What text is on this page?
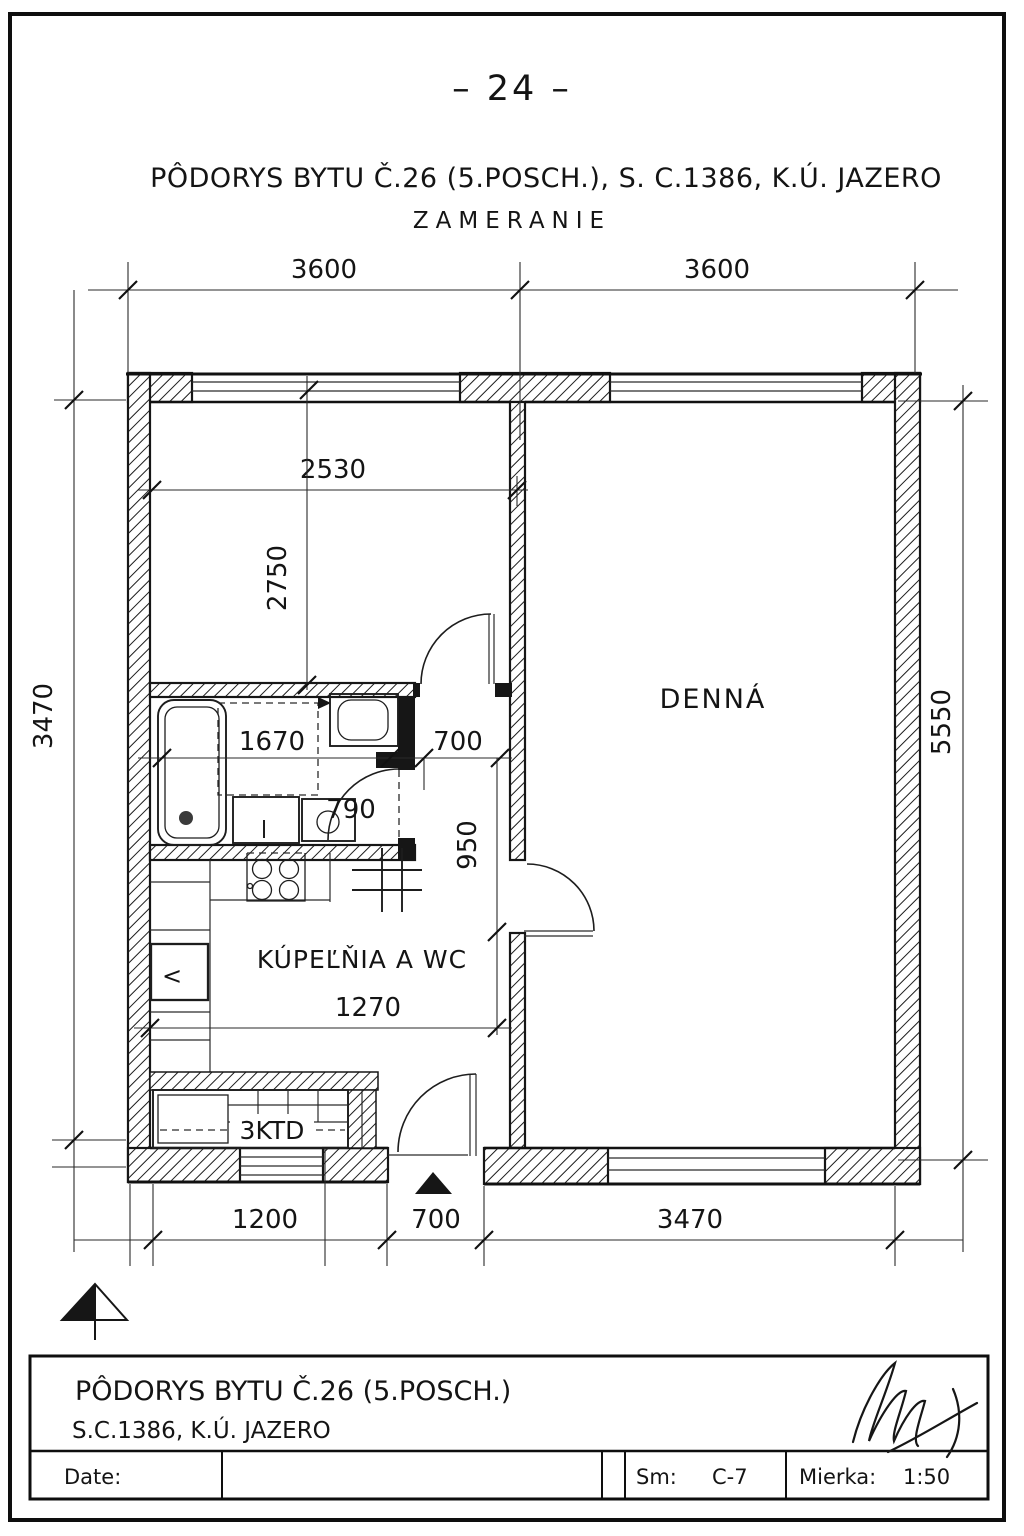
– 24 –
PÔDORYS BYTU Č.26 (5.POSCH.), S. C.1386, K.Ú. JAZERO
ZAMERANIE
<
3KTD
DENNÁ
KÚPEĽŇIA A WC
3600	3600
3470	5550
2530
2750
1670	700
790
950
1270
1200	700	3470
PÔDORYS BYTU Č.26 (5.POSCH.)
S.C.1386, K.Ú. JAZERO
Date:	Sm: C-7 Mierka: 1:50
